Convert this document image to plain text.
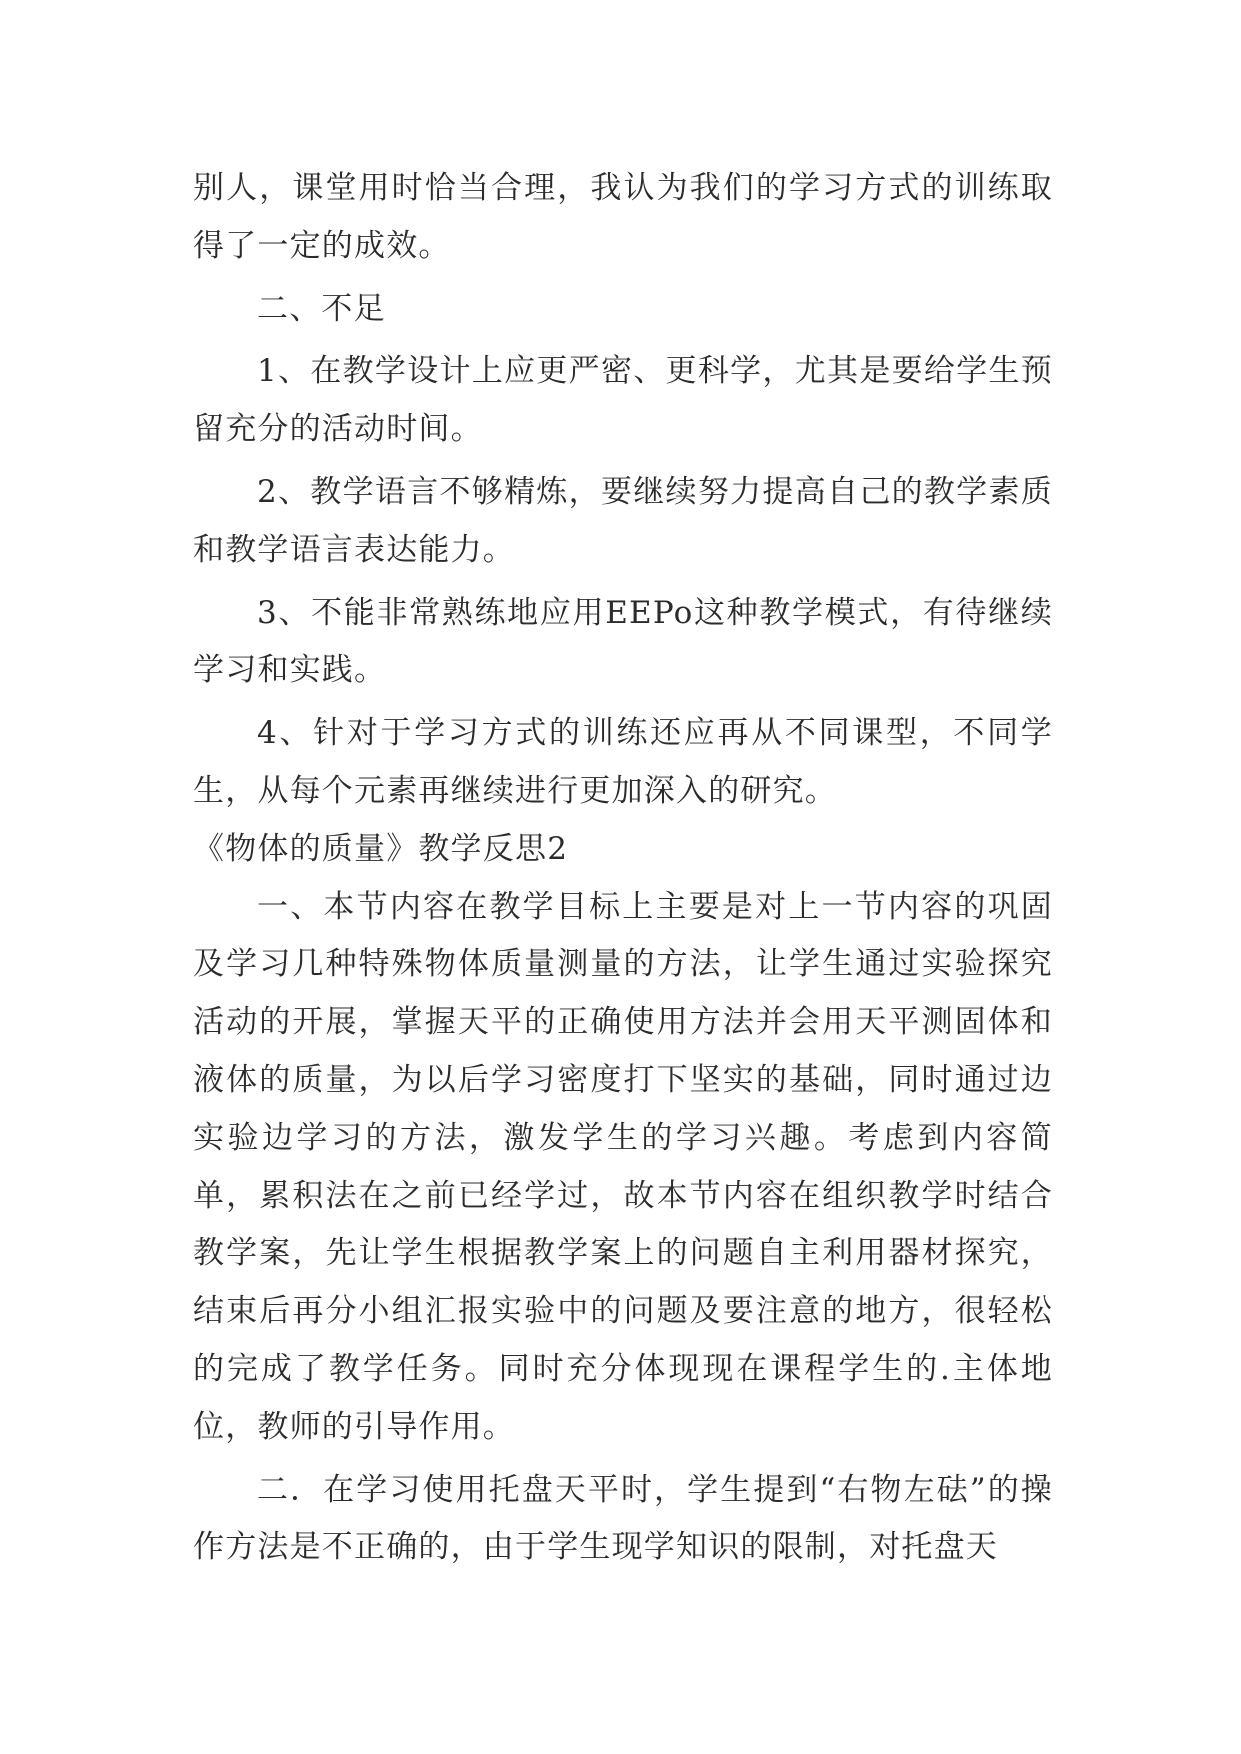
别人，课堂用时恰当合理，我认为我们的学习方式的训练取得了一定的成效。

二、不足

1、在教学设计上应更严密、更科学，尤其是要给学生预留充分的活动时间。

2、教学语言不够精炼，要继续努力提高自己的教学素质和教学语言表达能力。

3、不能非常熟练地应用EEPo这种教学模式，有待继续学习和实践。

4、针对于学习方式的训练还应再从不同课型，不同学生，从每个元素再继续进行更加深入的研究。

《物体的质量》教学反思2

一、本节内容在教学目标上主要是对上一节内容的巩固及学习几种特殊物体质量测量的方法，让学生通过实验探究活动的开展，掌握天平的正确使用方法并会用天平测固体和液体的质量，为以后学习密度打下坚实的基础，同时通过边实验边学习的方法，激发学生的学习兴趣。考虑到内容简单，累积法在之前已经学过，故本节内容在组织教学时结合教学案，先让学生根据教学案上的问题自主利用器材探究，结束后再分小组汇报实验中的问题及要注意的地方，很轻松的完成了教学任务。同时充分体现现在课程学生的.主体地位，教师的引导作用。

二．在学习使用托盘天平时，学生提到“右物左砝”的操作方法是不正确的，由于学生现学知识的限制，对托盘天
